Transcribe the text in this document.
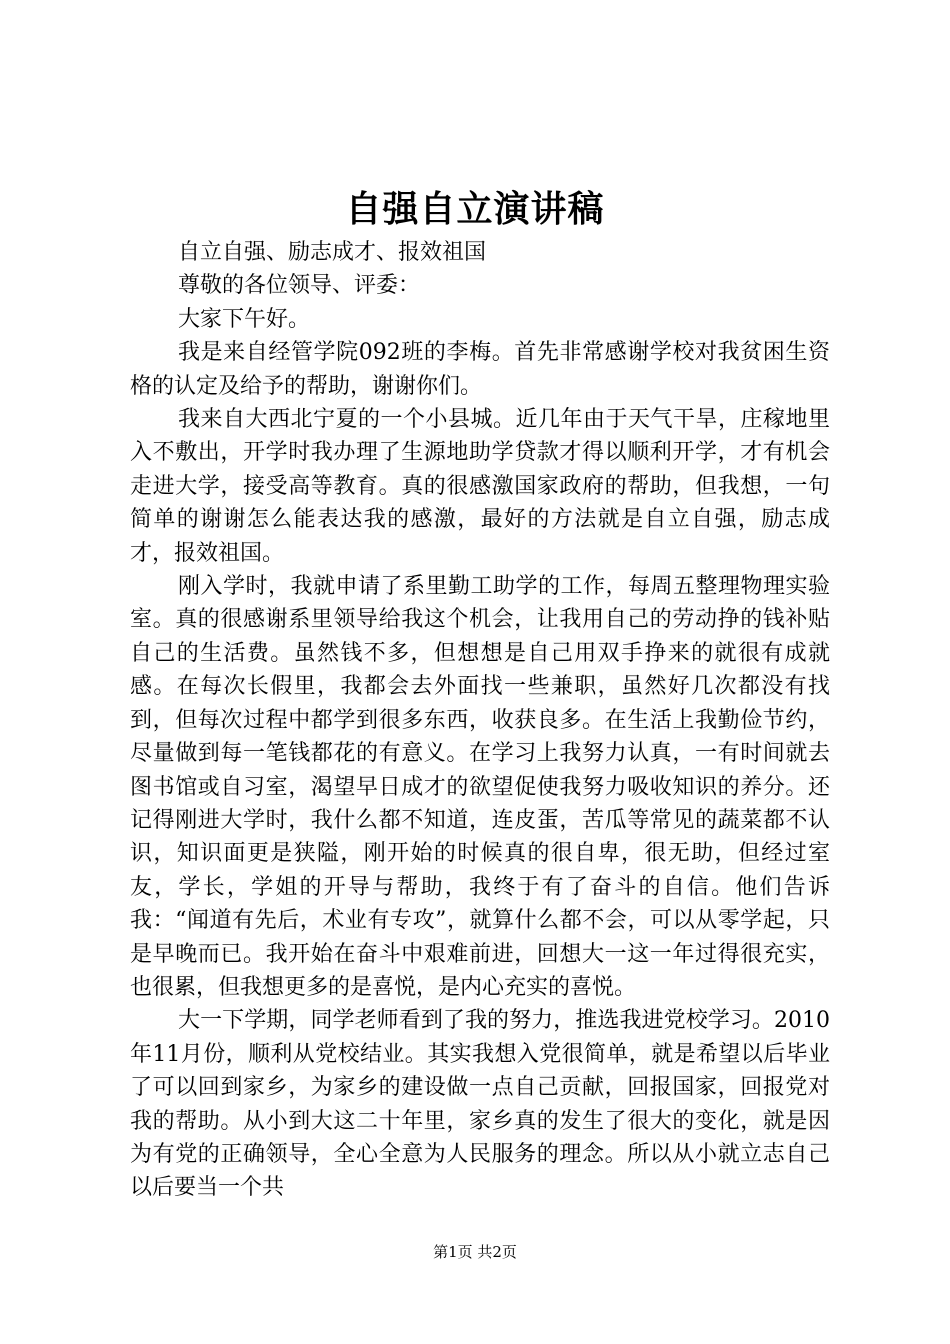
自强自立演讲稿

自立自强、励志成才、报效祖国

尊敬的各位领导、评委：

大家下午好。

我是来自经管学院092班的李梅。首先非常感谢学校对我贫困生资格的认定及给予的帮助，谢谢你们。

我来自大西北宁夏的一个小县城。近几年由于天气干旱，庄稼地里入不敷出，开学时我办理了生源地助学贷款才得以顺利开学，才有机会走进大学，接受高等教育。真的很感激国家政府的帮助，但我想，一句简单的谢谢怎么能表达我的感激，最好的方法就是自立自强，励志成才，报效祖国。

刚入学时，我就申请了系里勤工助学的工作，每周五整理物理实验室。真的很感谢系里领导给我这个机会，让我用自己的劳动挣的钱补贴自己的生活费。虽然钱不多，但想想是自己用双手挣来的就很有成就感。在每次长假里，我都会去外面找一些兼职，虽然好几次都没有找到，但每次过程中都学到很多东西，收获良多。在生活上我勤俭节约，尽量做到每一笔钱都花的有意义。在学习上我努力认真，一有时间就去图书馆或自习室，渴望早日成才的欲望促使我努力吸收知识的养分。还记得刚进大学时，我什么都不知道，连皮蛋，苦瓜等常见的蔬菜都不认识，知识面更是狭隘，刚开始的时候真的很自卑，很无助，但经过室友，学长，学姐的开导与帮助，我终于有了奋斗的自信。他们告诉我：“闻道有先后，术业有专攻”，就算什么都不会，可以从零学起，只是早晚而已。我开始在奋斗中艰难前进，回想大一这一年过得很充实，也很累，但我想更多的是喜悦，是内心充实的喜悦。

大一下学期，同学老师看到了我的努力，推选我进党校学习。2010年11月份，顺利从党校结业。其实我想入党很简单，就是希望以后毕业了可以回到家乡，为家乡的建设做一点自己贡献，回报国家，回报党对我的帮助。从小到大这二十年里，家乡真的发生了很大的变化，就是因为有党的正确领导，全心全意为人民服务的理念。所以从小就立志自己以后要当一个共

第1页 共2页
